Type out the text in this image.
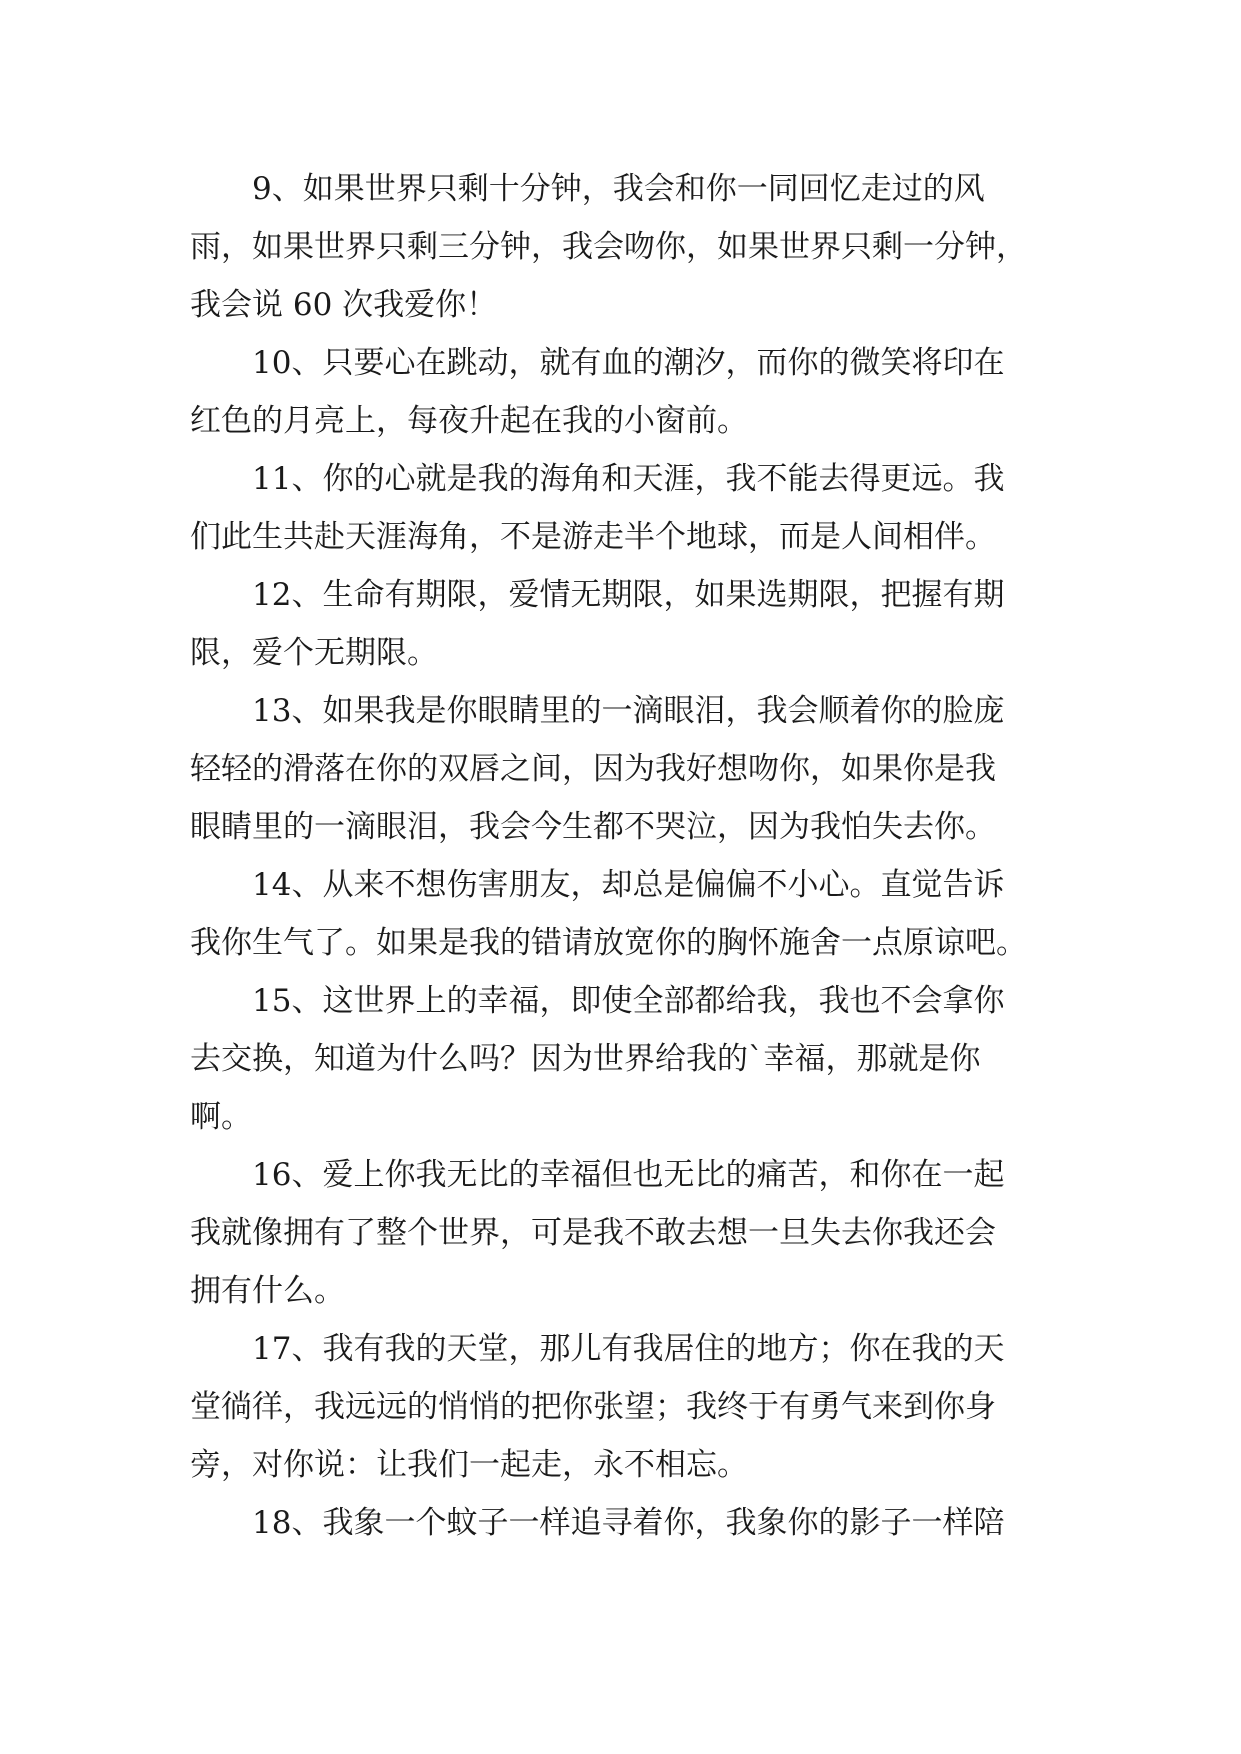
9、如果世界只剩十分钟，我会和你一同回忆走过的风
雨，如果世界只剩三分钟，我会吻你，如果世界只剩一分钟，
我会说 60 次我爱你！
10、只要心在跳动，就有血的潮汐，而你的微笑将印在
红色的月亮上，每夜升起在我的小窗前。
11、你的心就是我的海角和天涯，我不能去得更远。我
们此生共赴天涯海角，不是游走半个地球，而是人间相伴。
12、生命有期限，爱情无期限，如果选期限，把握有期
限，爱个无期限。
13、如果我是你眼睛里的一滴眼泪，我会顺着你的脸庞
轻轻的滑落在你的双唇之间，因为我好想吻你，如果你是我
眼睛里的一滴眼泪，我会今生都不哭泣，因为我怕失去你。
14、从来不想伤害朋友，却总是偏偏不小心。直觉告诉
我你生气了。如果是我的错请放宽你的胸怀施舍一点原谅吧。
15、这世界上的幸福，即使全部都给我，我也不会拿你
去交换，知道为什么吗？因为世界给我的`幸福，那就是你
啊。
16、爱上你我无比的幸福但也无比的痛苦，和你在一起
我就像拥有了整个世界，可是我不敢去想一旦失去你我还会
拥有什么。
17、我有我的天堂，那儿有我居住的地方；你在我的天
堂徜徉，我远远的悄悄的把你张望；我终于有勇气来到你身
旁，对你说：让我们一起走，永不相忘。
18、我象一个蚊子一样追寻着你，我象你的影子一样陪
